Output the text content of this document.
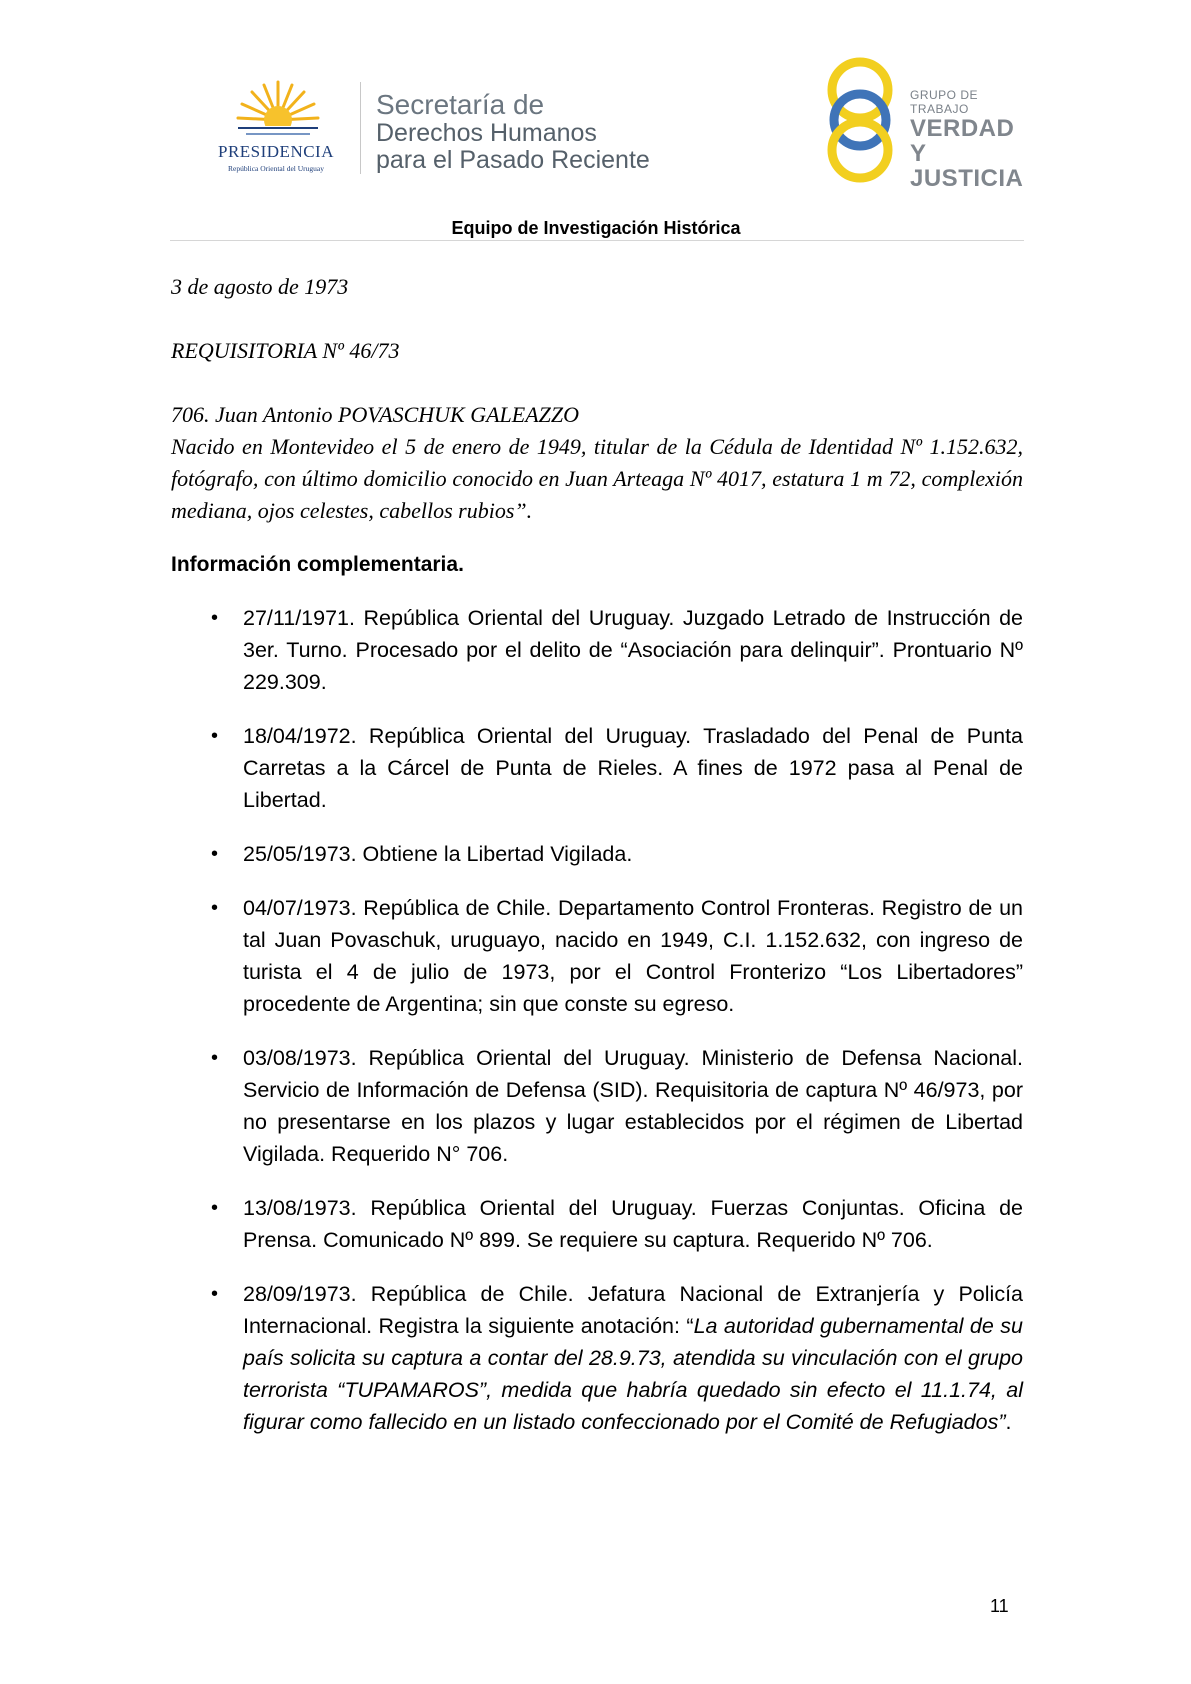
PRESIDENCIA
República Oriental del Uruguay
Secretaría de
Derechos Humanos
para el Pasado Reciente
GRUPO DE TRABAJO
VERDAD Y
JUSTICIA
Equipo de Investigación Histórica
3 de agosto de 1973
REQUISITORIA Nº 46/73

706. Juan Antonio POVASCHUK GALEAZZO

Nacido en Montevideo el 5 de enero de 1949, titular de la Cédula de Identidad Nº 1.152.632, fotógrafo, con último domicilio conocido en Juan Arteaga Nº 4017, estatura 1 m 72, complexión mediana, ojos celestes, cabellos rubios”.

Información complementaria.
• 27/11/1971. República Oriental del Uruguay. Juzgado Letrado de Instrucción de 3er. Turno. Procesado por el delito de “Asociación para delinquir”. Prontuario Nº 229.309.
• 18/04/1972. República Oriental del Uruguay. Trasladado del Penal de Punta Carretas a la Cárcel de Punta de Rieles. A fines de 1972 pasa al Penal de Libertad.
• 25/05/1973. Obtiene la Libertad Vigilada.
• 04/07/1973. República de Chile. Departamento Control Fronteras. Registro de un tal Juan Povaschuk, uruguayo, nacido en 1949, C.I. 1.152.632, con ingreso de turista el 4 de julio de 1973, por el Control Fronterizo “Los Libertadores” procedente de Argentina; sin que conste su egreso.
• 03/08/1973. República Oriental del Uruguay. Ministerio de Defensa Nacional. Servicio de Información de Defensa (SID). Requisitoria de captura Nº 46/973, por no presentarse en los plazos y lugar establecidos por el régimen de Libertad Vigilada. Requerido N° 706.
• 13/08/1973. República Oriental del Uruguay. Fuerzas Conjuntas. Oficina de Prensa. Comunicado Nº 899. Se requiere su captura. Requerido Nº 706.
• 28/09/1973. República de Chile. Jefatura Nacional de Extranjería y Policía Internacional. Registra la siguiente anotación: “La autoridad gubernamental de su país solicita su captura a contar del 28.9.73, atendida su vinculación con el grupo terrorista “TUPAMAROS”, medida que habría quedado sin efecto el 11.1.74, al figurar como fallecido en un listado confeccionado por el Comité de Refugiados”.
11
